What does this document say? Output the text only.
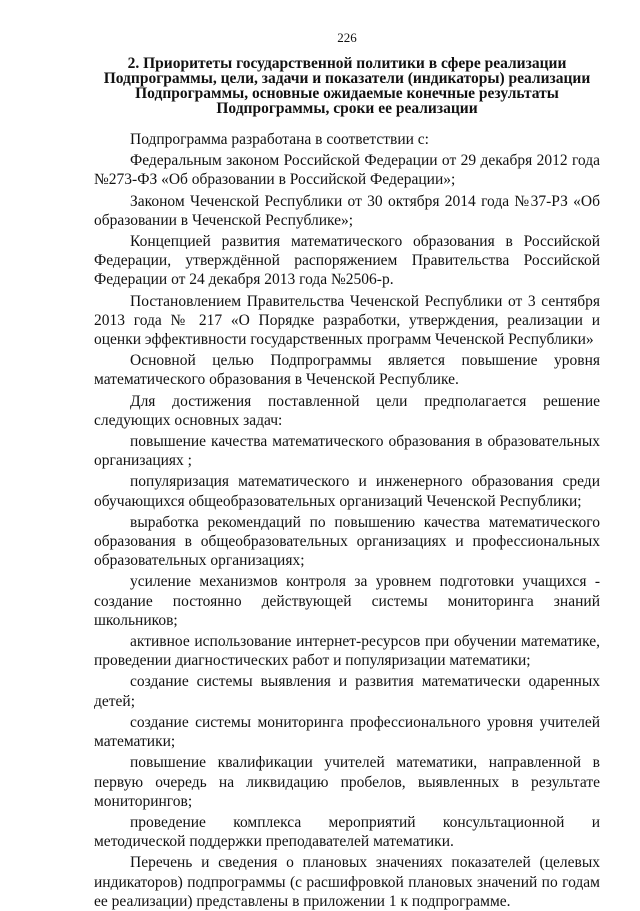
226
2. Приоритеты государственной политики в сфере реализации
Подпрограммы, цели, задачи и показатели (индикаторы) реализации
Подпрограммы, основные ожидаемые конечные результаты
Подпрограммы, сроки ее реализации

Подпрограмма разработана в соответствии с:

Федеральным законом Российской Федерации от 29 декабря 2012 года №273-ФЗ «Об образовании в Российской Федерации»;

Законом Чеченской Республики от 30 октября 2014 года №37-РЗ «Об образовании в Чеченской Республике»;

Концепцией развития математического образования в Российской Федерации, утверждённой распоряжением Правительства Российской Федерации от 24 декабря 2013 года №2506-р.

Постановлением Правительства Чеченской Республики от 3 сентября 2013 года № 217 «О Порядке разработки, утверждения, реализации и оценки эффективности государственных программ Чеченской Республики»

Основной целью Подпрограммы является повышение уровня математического образования в Чеченской Республике.

Для достижения поставленной цели предполагается решение следующих основных задач:

повышение качества математического образования в образовательных организациях ;

популяризация математического и инженерного образования среди обучающихся общеобразовательных организаций Чеченской Республики;

выработка рекомендаций по повышению качества математического образования в общеобразовательных организациях и профессиональных образовательных организациях;

усиление механизмов контроля за уровнем подготовки учащихся - создание постоянно действующей системы мониторинга знаний школьников;

активное использование интернет-ресурсов при обучении математике, проведении диагностических работ и популяризации математики;

создание системы выявления и развития математически одаренных детей;

создание системы мониторинга профессионального уровня учителей математики;

повышение квалификации учителей математики, направленной в первую очередь на ликвидацию пробелов, выявленных в результате мониторингов;

проведение комплекса мероприятий консультационной и методической поддержки преподавателей математики.

Перечень и сведения о плановых значениях показателей (целевых индикаторов) подпрограммы (с расшифровкой плановых значений по годам ее реализации) представлены в приложении 1 к подпрограмме.
